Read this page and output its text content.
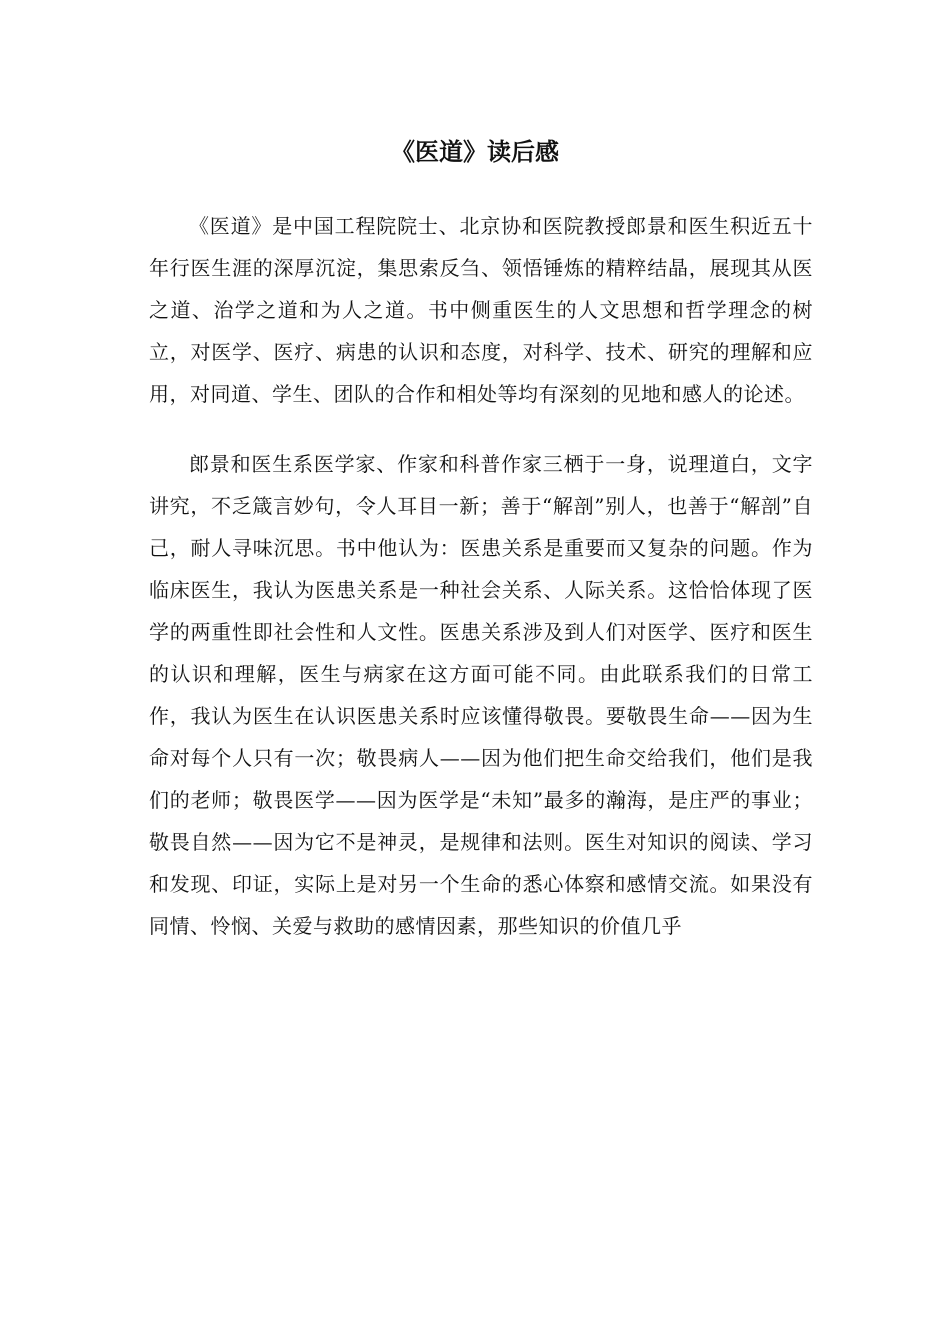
《医道》读后感

《医道》是中国工程院院士、北京协和医院教授郎景和医生积近五十年行医生涯的深厚沉淀，集思索反刍、领悟锤炼的精粹结晶，展现其从医之道、治学之道和为人之道。书中侧重医生的人文思想和哲学理念的树立，对医学、医疗、病患的认识和态度，对科学、技术、研究的理解和应用，对同道、学生、团队的合作和相处等均有深刻的见地和感人的论述。

郎景和医生系医学家、作家和科普作家三栖于一身，说理道白，文字讲究，不乏箴言妙句，令人耳目一新；善于“解剖”别人，也善于“解剖”自己，耐人寻味沉思。书中他认为：医患关系是重要而又复杂的问题。作为临床医生，我认为医患关系是一种社会关系、人际关系。这恰恰体现了医学的两重性即社会性和人文性。医患关系涉及到人们对医学、医疗和医生的认识和理解，医生与病家在这方面可能不同。由此联系我们的日常工作，我认为医生在认识医患关系时应该懂得敬畏。要敬畏生命——因为生命对每个人只有一次；敬畏病人——因为他们把生命交给我们，他们是我们的老师；敬畏医学——因为医学是“未知”最多的瀚海，是庄严的事业；敬畏自然——因为它不是神灵，是规律和法则。医生对知识的阅读、学习和发现、印证，实际上是对另一个生命的悉心体察和感情交流。如果没有同情、怜悯、关爱与救助的感情因素，那些知识的价值几乎
